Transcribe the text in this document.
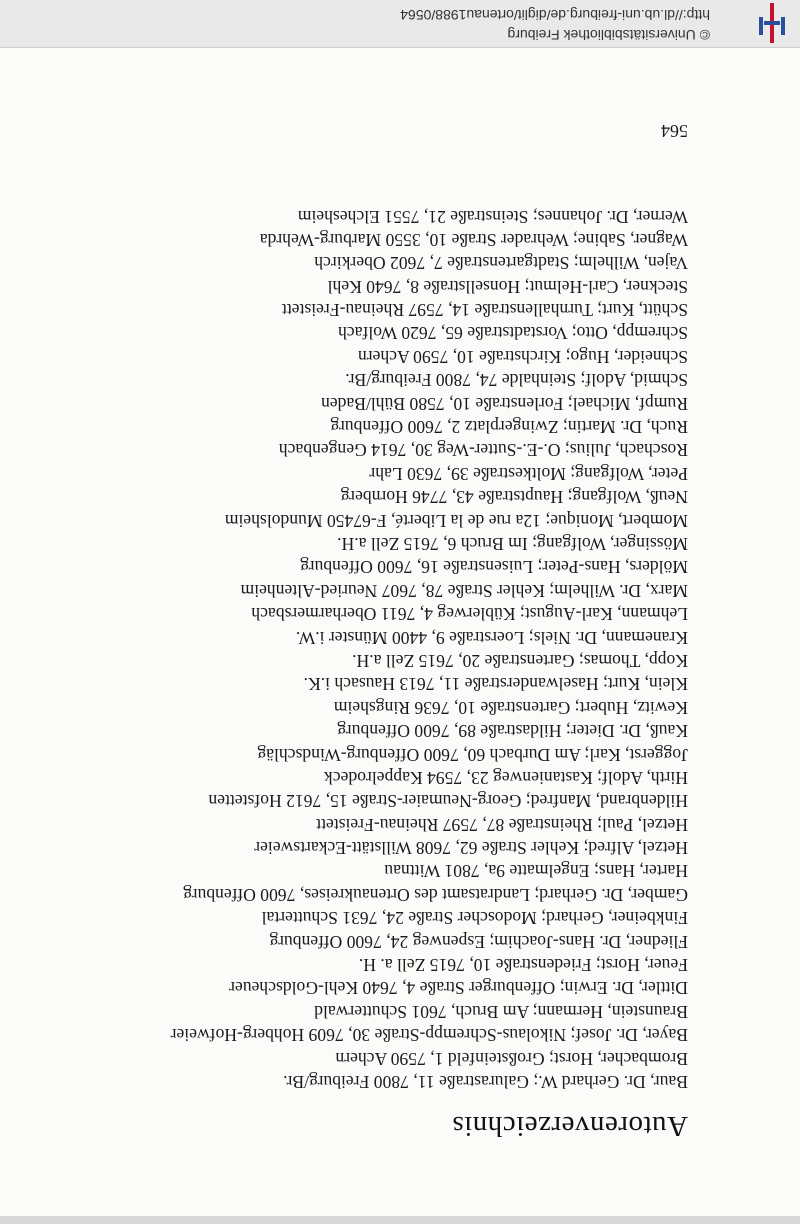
Autorenverzeichnis
Baur, Dr. Gerhard W.; Galurastraße 11, 7800 Freiburg/Br.
Brombacher, Horst; Großsteinfeld 1, 7590 Achern
Bayer, Dr. Josef; Nikolaus-Schrempp-Straße 30, 7609 Hohberg-Hofweier
Braunstein, Hermann; Am Bruch, 7601 Schutterwald
Dittler, Dr. Erwin; Offenburger Straße 4, 7640 Kehl-Goldscheuer
Feuer, Horst; Friedenstraße 10, 7615 Zell a. H.
Fliedner, Dr. Hans-Joachim; Espenweg 24, 7600 Offenburg
Finkbeiner, Gerhard; Modoscher Straße 24, 7631 Schuttertal
Gamber, Dr. Gerhard; Landratsamt des Ortenaukreises, 7600 Offenburg
Harter, Hans; Engelmatte 9a, 7801 Wittnau
Hetzel, Alfred; Kehler Straße 62, 7608 Willstätt-Eckartsweier
Hetzel, Paul; Rheinstraße 87, 7597 Rheinau-Freistett
Hildenbrand, Manfred; Georg-Neumaier-Straße 15, 7612 Hofstetten
Hirth, Adolf; Kastanienweg 23, 7594 Kappelrodeck
Joggerst, Karl; Am Durbach 60, 7600 Offenburg-Windschläg
Kauß, Dr. Dieter; Hildastraße 89, 7600 Offenburg
Kewitz, Hubert; Gartenstraße 10, 7636 Ringsheim
Klein, Kurt; Haselwanderstraße 11, 7613 Hausach i.K.
Kopp, Thomas; Gartenstraße 20, 7615 Zell a.H.
Kranemann, Dr. Niels; Loerstraße 9, 4400 Münster i.W.
Lehmann, Karl-August; Küblerweg 4, 7611 Oberharmersbach
Marx, Dr. Wilhelm; Kehler Straße 78, 7607 Neuried-Altenheim
Mölders, Hans-Peter; Luisenstraße 16, 7600 Offenburg
Mössinger, Wolfgang; Im Bruch 6, 7615 Zell a.H.
Mombert, Monique; 12a rue de la Liberté, F-67450 Mundolsheim
Neuß, Wolfgang; Hauptstraße 43, 7746 Hornberg
Peter, Wolfgang; Moltkestraße 39, 7630 Lahr
Roschach, Julius; O.-E.-Sutter-Weg 30, 7614 Gengenbach
Ruch, Dr. Martin; Zwingerplatz 2, 7600 Offenburg
Rumpf, Michael; Forlenstraße 10, 7580 Bühl/Baden
Schmid, Adolf; Steinhalde 74, 7800 Freiburg/Br.
Schneider, Hugo; Kirchstraße 10, 7590 Achern
Schrempp, Otto; Vorstadtstraße 65, 7620 Wolfach
Schütt, Kurt; Turnhallenstraße 14, 7597 Rheinau-Freistett
Steckner, Carl-Helmut; Honsellstraße 8, 7640 Kehl
Vajen, Wilhelm; Stadtgartenstraße 7, 7602 Oberkirch
Wagner, Sabine; Wehrader Straße 10, 3550 Marburg-Wehrda
Werner, Dr. Johannes; Steinstraße 21, 7551 Elchesheim
564
© Universitätsbibliothek Freiburg
http://dl.ub.uni-freiburg.de/diglit/ortenau1988/0564
